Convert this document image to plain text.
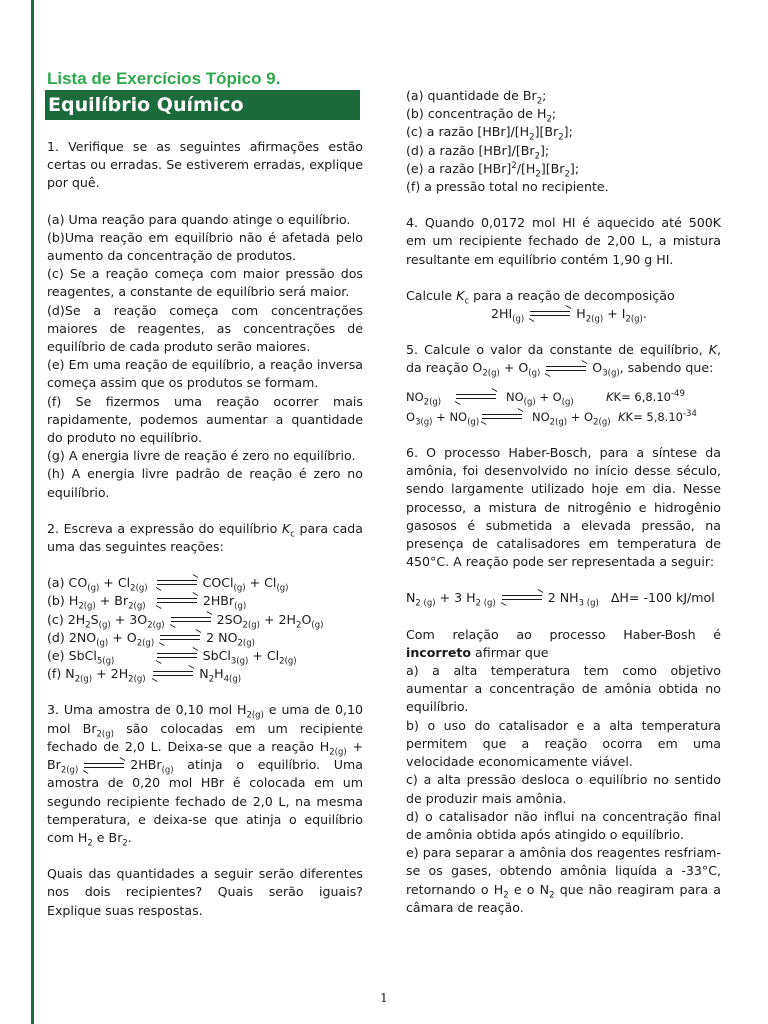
Lista de Exercícios Tópico 9.
Equilíbrio Químico

1. Verifique se as seguintes afirmações estão certas ou erradas. Se estiverem erradas, explique por quê.

(a) Uma reação para quando atinge o equilíbrio.

(b)Uma reação em equilíbrio não é afetada pelo aumento da concentração de produtos.

(c) Se a reação começa com maior pressão dos reagentes, a constante de equilíbrio será maior.

(d)Se a reação começa com concentrações maiores de reagentes, as concentrações de equilíbrio de cada produto serão maiores.

(e) Em uma reação de equilíbrio, a reação inversa começa assim que os produtos se formam.

(f) Se fizermos uma reação ocorrer mais rapidamente, podemos aumentar a quantidade do produto no equilíbrio.

(g) A energia livre de reação é zero no equilíbrio.

(h) A energia livre padrão de reação é zero no equilíbrio.

2. Escreva a expressão do equilíbrio $K_c$ para cada uma das seguintes reações:

(a) $CO_{(g)} + Cl_{2(g)}$	COCl$_{(g)}$ + $Cl_{(g)}$
(b) $H_{2(g)} + Br_{2(g)}$	2HBr$_{(g)}$
(c) $2H_2S_{(g)} + 3O_{2(g)}$	$2SO_{2(g)} + 2H_2O_{(g)}$
(d) $2NO_{(g)} + O_{2(g)}$	2 $NO_{2(g)}$
(e) SbCl$_{5(g)}$	SbCl$_{3(g)}$ + $Cl_{2(g)}$
(f) $N_{2(g)} + 2H_{2(g)}$	$N_2H_{4(g)}$

3. Uma amostra de 0,10 mol $H_{2(g)}$ e uma de 0,10 mol $Br_{2(g)}$ são colocadas em um recipiente fechado de 2,0 L. Deixa-se que a reação $H_{2(g)} + Br_{2(g)}$	2HBr$_{(g)}$ atinja o equilíbrio. Uma amostra de 0,20 mol HBr é colocada em um segundo recipiente fechado de 2,0 L, na mesma temperatura, e deixa-se que atinja o equilíbrio com $H_2$ e $Br_2$.

Quais das quantidades a seguir serão diferentes nos dois recipientes? Quais serão iguais? Explique suas respostas.

(a) quantidade de $Br_2$;

(b) concentração de $H_2$;

(c) a razão $[HBr]/[H_2][Br_2]$;

(d) a razão $[HBr]/[Br_2]$;

(e) a razão $[HBr]^2/[H_2][Br_2]$;

(f) a pressão total no recipiente.

4. Quando 0,0172 mol HI é aquecido até 500K em um recipiente fechado de 2,00 L, a mistura resultante em equilíbrio contém 1,90 g HI.

Calcule $K_c$ para a reação de decomposição

$2HI_{(g)}$	$H_{2(g)} + I_{2(g)}$.

5. Calcule o valor da constante de equilíbrio, K, da reação $O_{2(g)} + O_{(g)}$	$O_{3(g)}$, sabendo que:

$NO_{2(g)}$	$NO_{(g)} + O_{(g)}$	$KK= 6,8.10^{-49}$
$O_{3(g)} + NO_{(g)}$	$NO_{2(g)} + O_{2(g)}$ $KK= 5,8.10^{-34}$

6. O processo Haber-Bosch, para a síntese da amônia, foi desenvolvido no início desse século, sendo largamente utilizado hoje em dia. Nesse processo, a mistura de nitrogênio e hidrogênio gasosos é submetida a elevada pressão, na presença de catalisadores em temperatura de 450°C. A reação pode ser representada a seguir:

$N_{2 (g)} + 3$ $H_{2 (g)}$	2 $NH_{3 (g)}$ ΔH= -100 kJ/mol

Com relação ao processo Haber-Bosh é incorreto afirmar que

a) a alta temperatura tem como objetivo aumentar a concentração de amônia obtida no equilíbrio.

b) o uso do catalisador e a alta temperatura permitem que a reação ocorra em uma velocidade economicamente viável.

c) a alta pressão desloca o equilíbrio no sentido de produzir mais amônia.

d) o catalisador não influi na concentração final de amônia obtida após atingido o equilíbrio.

e) para separar a amônia dos reagentes resfriam-se os gases, obtendo amônia liquída a -33°C, retornando o $H_2$ e o $N_2$ que não reagiram para a câmara de reação.

1
